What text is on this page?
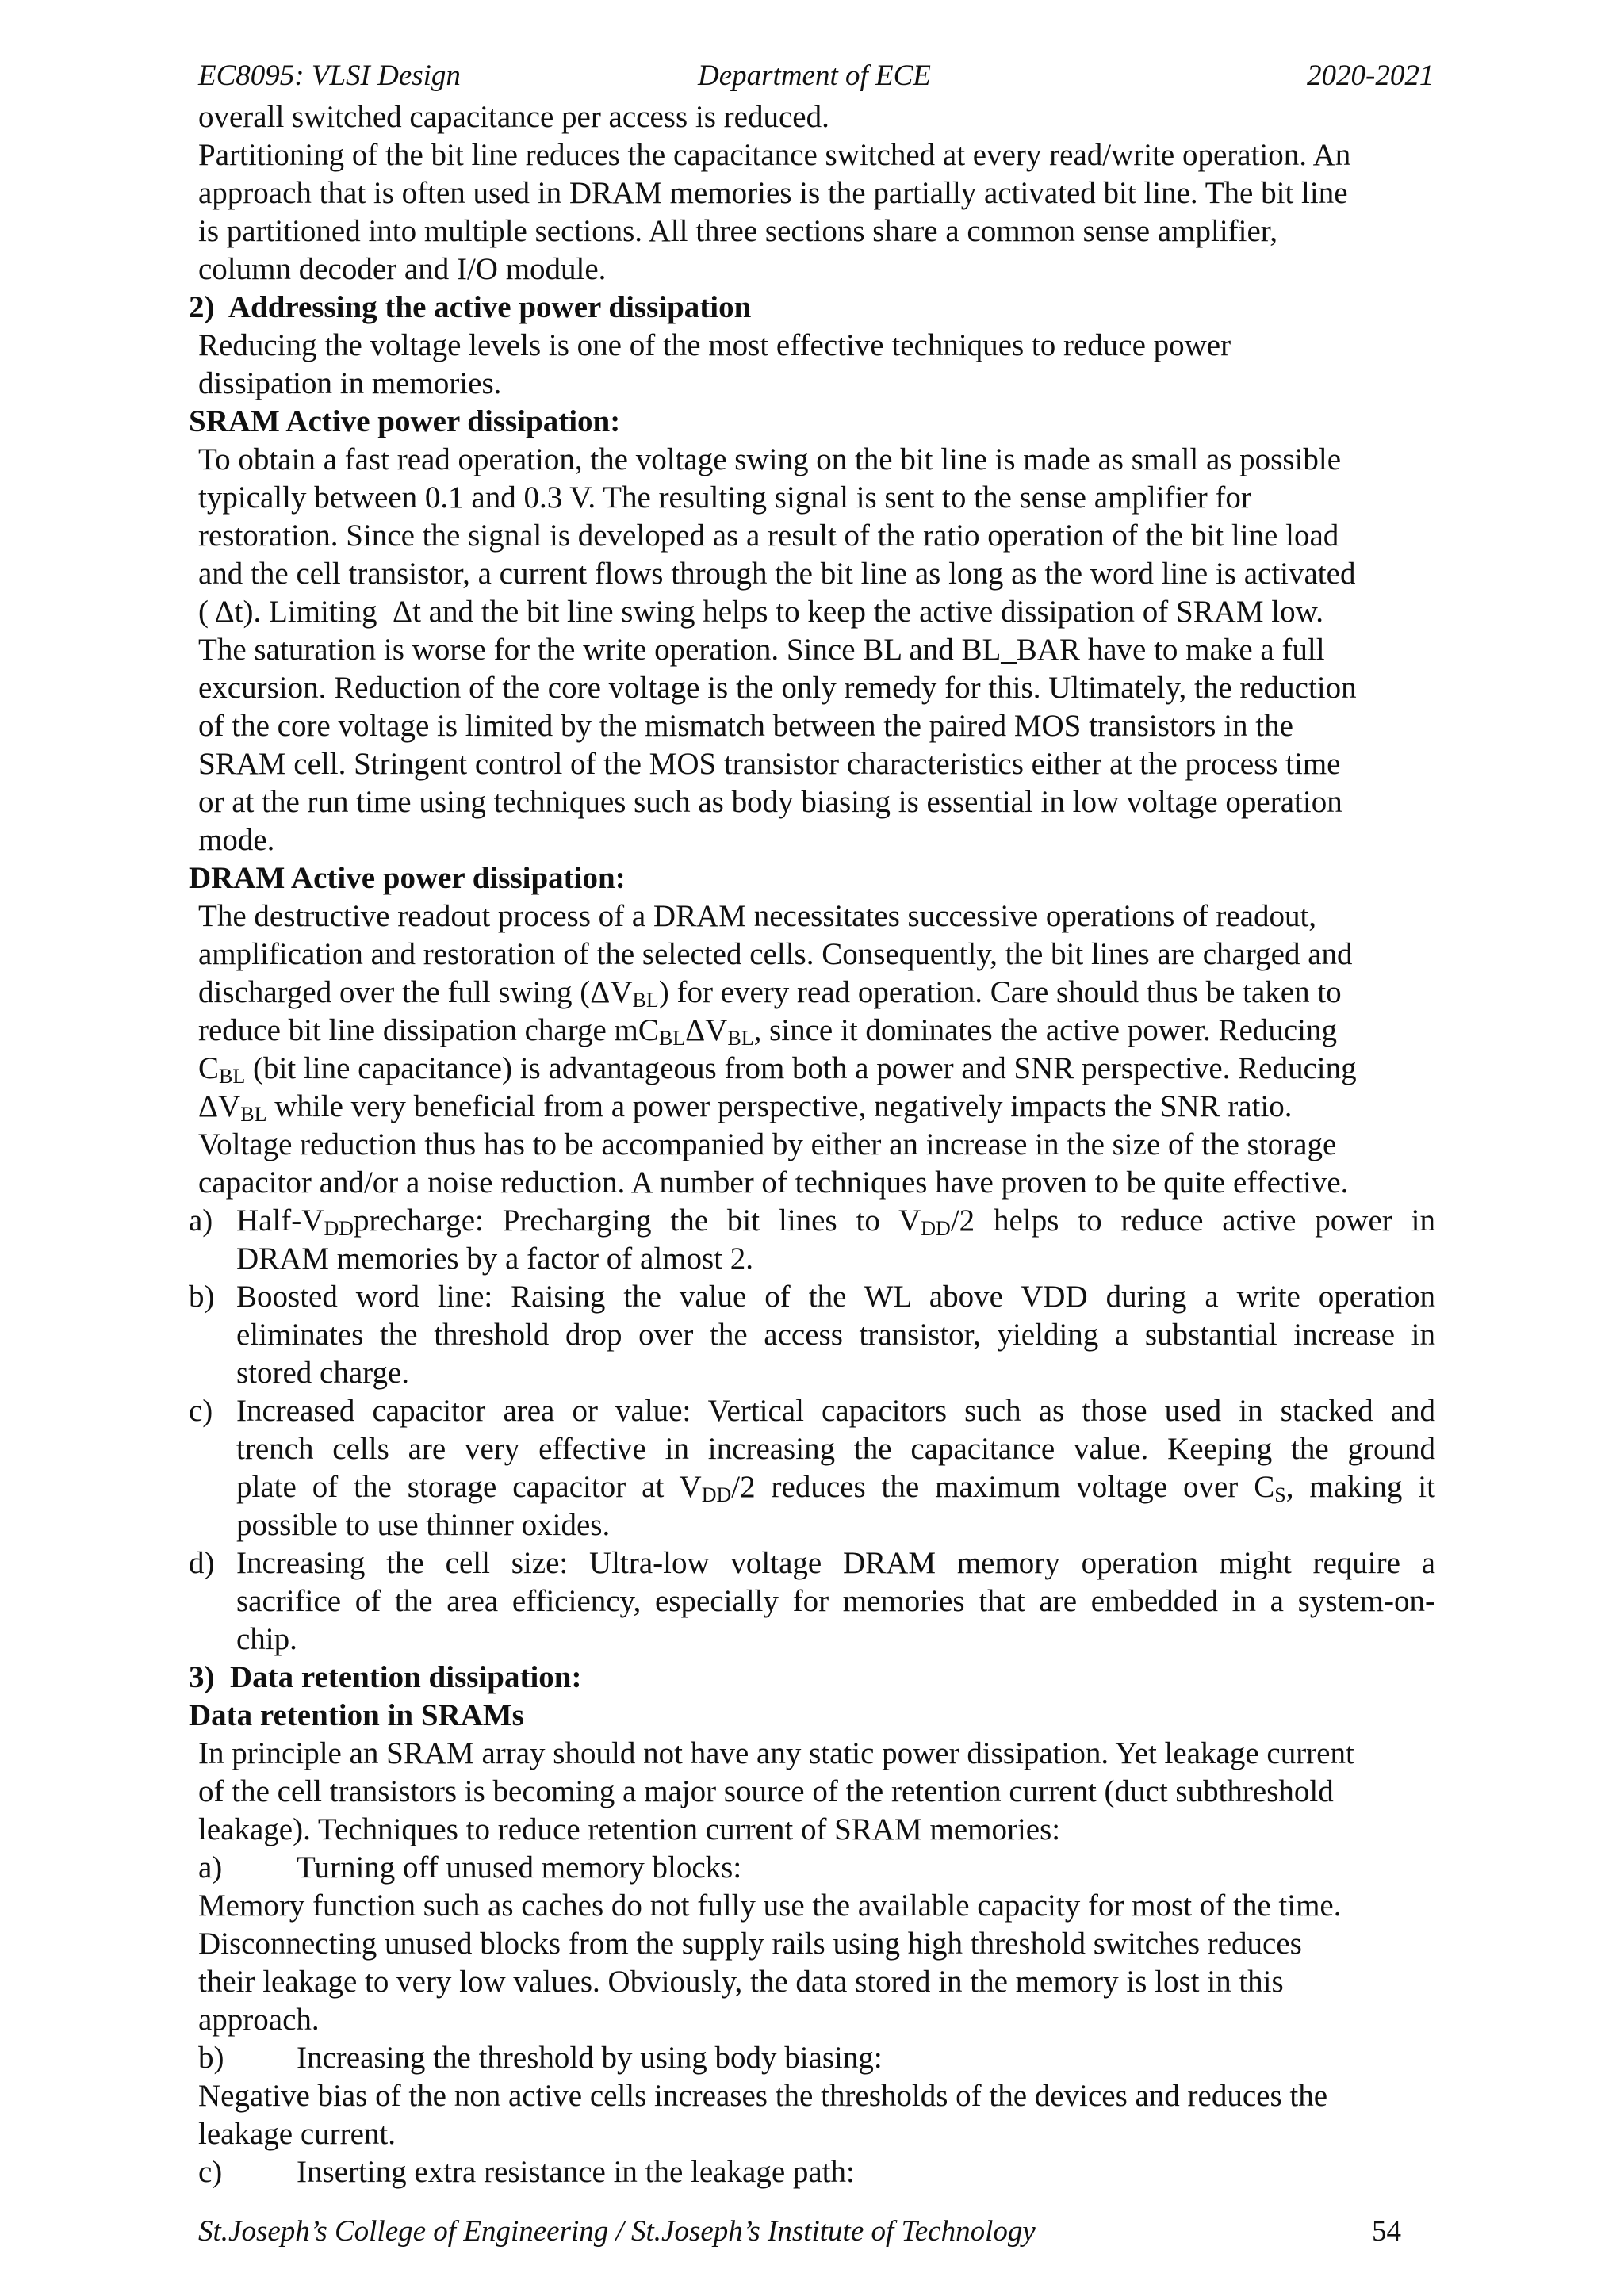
EC8095: VLSI Design	Department of ECE	2020-2021
overall switched capacitance per access is reduced.
Partitioning of the bit line reduces the capacitance switched at every read/write operation. An
approach that is often used in DRAM memories is the partially activated bit line. The bit line
is partitioned into multiple sections. All three sections share a common sense amplifier,
column decoder and I/O module.
2)  Addressing the active power dissipation
Reducing the voltage levels is one of the most effective techniques to reduce power
dissipation in memories.
SRAM Active power dissipation:
To obtain a fast read operation, the voltage swing on the bit line is made as small as possible
typically between 0.1 and 0.3 V. The resulting signal is sent to the sense amplifier for
restoration. Since the signal is developed as a result of the ratio operation of the bit line load
and the cell transistor, a current flows through the bit line as long as the word line is activated
( Δt). Limiting  Δt and the bit line swing helps to keep the active dissipation of SRAM low.
The saturation is worse for the write operation. Since BL and BL_BAR have to make a full
excursion. Reduction of the core voltage is the only remedy for this. Ultimately, the reduction
of the core voltage is limited by the mismatch between the paired MOS transistors in the
SRAM cell. Stringent control of the MOS transistor characteristics either at the process time
or at the run time using techniques such as body biasing is essential in low voltage operation
mode.
DRAM Active power dissipation:
The destructive readout process of a DRAM necessitates successive operations of readout,
amplification and restoration of the selected cells. Consequently, the bit lines are charged and
discharged over the full swing $(\Delta V_{BL})$ for every read operation. Care should thus be taken to
reduce bit line dissipation charge $mC_{BL}\Delta V_{BL}$, since it dominates the active power. Reducing
$C_{BL}$ (bit line capacitance) is advantageous from both a power and SNR perspective. Reducing
$\Delta V_{BL}$ while very beneficial from a power perspective, negatively impacts the SNR ratio.
Voltage reduction thus has to be accompanied by either an increase in the size of the storage
capacitor and/or a noise reduction. A number of techniques have proven to be quite effective.
a) Half-$V_{DD}precharge$: Precharging the bit lines to $V_{DD}/2$ helps to reduce active power in
DRAM memories by a factor of almost 2.
b) Boosted word line: Raising the value of the WL above VDD during a write operation
eliminates the threshold drop over the access transistor, yielding a substantial increase in
stored charge.
c) Increased capacitor area or value: Vertical capacitors such as those used in stacked and
trench cells are very effective in increasing the capacitance value. Keeping the ground
plate of the storage capacitor at $V_{DD}/2$ reduces the maximum voltage over $C_S$, making it
possible to use thinner oxides.
d) Increasing the cell size: Ultra-low voltage DRAM memory operation might require a
sacrifice of the area efficiency, especially for memories that are embedded in a system-on-
chip.
3)  Data retention dissipation:
Data retention in SRAMs
In principle an SRAM array should not have any static power dissipation. Yet leakage current
of the cell transistors is becoming a major source of the retention current (duct subthreshold
leakage). Techniques to reduce retention current of SRAM memories:
a) Turning off unused memory blocks:
Memory function such as caches do not fully use the available capacity for most of the time.
Disconnecting unused blocks from the supply rails using high threshold switches reduces
their leakage to very low values. Obviously, the data stored in the memory is lost in this
approach.
b) Increasing the threshold by using body biasing:
Negative bias of the non active cells increases the thresholds of the devices and reduces the
leakage current.
c) Inserting extra resistance in the leakage path:
St.Joseph’s College of Engineering / St.Joseph’s Institute of Technology	54
